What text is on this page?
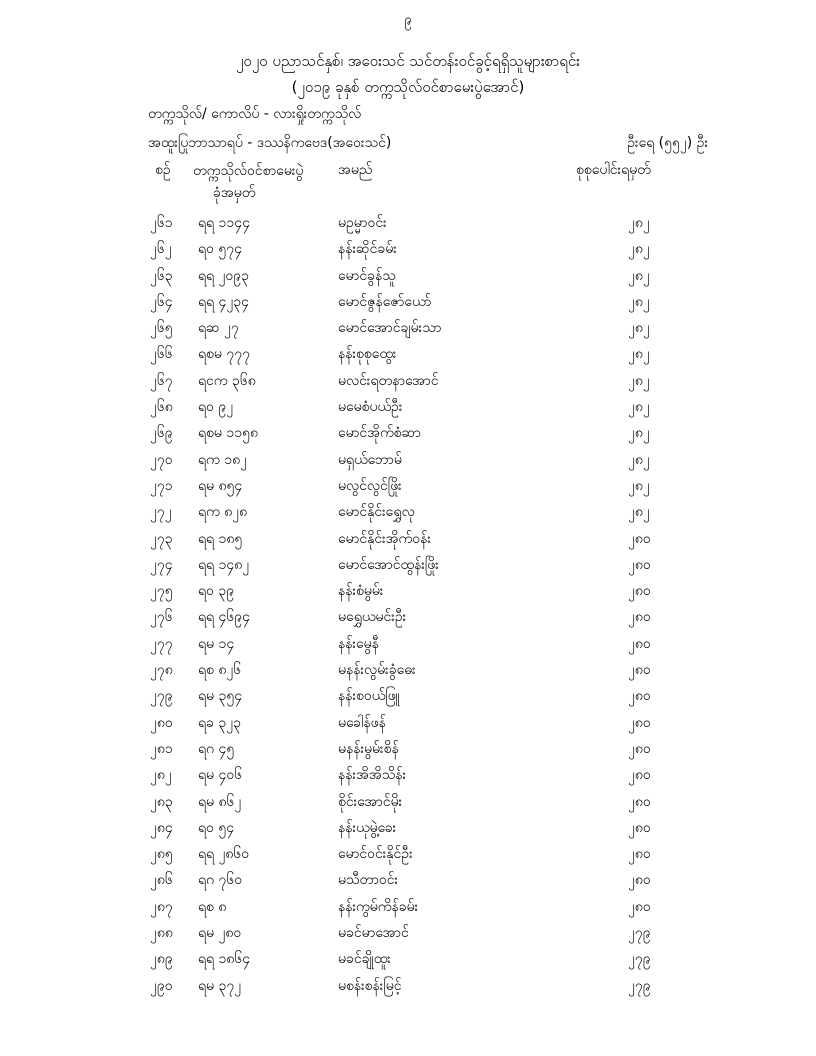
၉
၂၀၂၀ ပညာသင်နှစ်၊ အဝေးသင် သင်တန်းဝင်ခွင့်ရရှိသူများစာရင်း
(၂၀၁၉ ခုနှစ် တက္ကသိုလ်ဝင်စာမေးပွဲအောင်)
တက္ကသိုလ်/ ကောလိပ် - လားရှိုးတက္ကသိုလ်
အထူးပြုဘာသာရပ် - ဒဿနိကဗေဒ(အဝေးသင်)	ဦးရေ (၅၅၂) ဦး
စဉ် တက္ကသိုလ်ဝင်စာမေးပွဲ
ခုံအမှတ်
အမည်	စုစုပေါင်းရမှတ်
၂၆၁ ရရ ၁၁၄၄	မဥမ္မာဝင်း	၂၈၂
၂၆၂ ရဝ ၅၇၄	နန်းဆိုင်ခမ်း	၂၈၂
၂၆၃ ရရ ၂၀၉၃	မောင်ခွန်သူ	၂၈၂
၂၆၄ ရရ ၄၂၃၄	မောင်ဇွန်ဇော်ယော်	၂၈၂
၂၆၅ ရဆ ၂၇	မောင်အောင်ချမ်းသာ	၂၈၂
၂၆၆ ရစမ ၇၇၇	နန်းစုစုထွေး	၂၈၂
၂၆၇ ရငက ၃၆၈	မလင်းရတနာအောင်	၂၈၂
၂၆၈ ရဝ ၉၂	မမေစံပယ်ဦး	၂၈၂
၂၆၉ ရစမ ၁၁၅၈	မောင်အိုက်စံဆာ	၂၈၂
၂၇၀ ရက ၁၈၂	မရှယ်ဘောမ်	၂၈၂
၂၇၁ ရမ ၈၅၄	မလွင်လွင်ဖြိုး	၂၈၂
၂၇၂ ရက ၈၂၈	မောင်နိုင်းရွှေလု	၂၈၂
၂၇၃ ရရ ၁၈၅	မောင်နိုင်းအိုက်ဝန်း	၂၈၀
၂၇၄ ရရ ၁၄၈၂	မောင်အောင်ထွန်းဖြိုး	၂၈၀
၂၇၅ ရဝ ၃၉	နန်းစံမွမ်း	၂၈၀
၂၇၆ ရရ ၄၆၉၄	မရွှေယမင်းဦး	၂၈၀
၂၇၇ ရမ ၁၄	နန်းမွေနီ	၂၈၀
၂၇၈ ရစ ၈၂၆	မနန်းလွမ်းခွံဓေး	၂၈၀
၂၇၉ ရမ ၃၅၄	နန်းစဝယ်ဖြူ	၂၈၀
၂၈၀ ရခ ၃၂၃	မခေါန်ဖန်	၂၈၀
၂၈၁ ရဂ ၄၅	မနန်းမွမ်းစိန်	၂၈၀
၂၈၂ ရမ ၄၀၆	နန်းအိအိသိန်း	၂၈၀
၂၈၃ ရမ ၈၆၂	စိုင်းအောင်မိုး	၂၈၀
၂၈၄ ရဝ ၅၄	နန်းယုမွဲ့ခေး	၂၈၀
၂၈၅ ရရ ၂၈၆၀	မောင်ဝင်းနိုင်ဦး	၂၈၀
၂၈၆ ရဂ ၇၆၀	မသီတာဝင်း	၂၈၀
၂၈၇ ရစ ၈	နန်းကွမ်ကိန်ခမ်း	၂၈၀
၂၈၈ ရမ ၂၈၀	မခင်မာအောင်	၂၇၉
၂၈၉ ရရ ၁၈၆၄	မခင်ချိုထူး	၂၇၉
၂၉၀ ရမ ၃၇၂	မစန်းစန်းမြင့်	၂၇၉
